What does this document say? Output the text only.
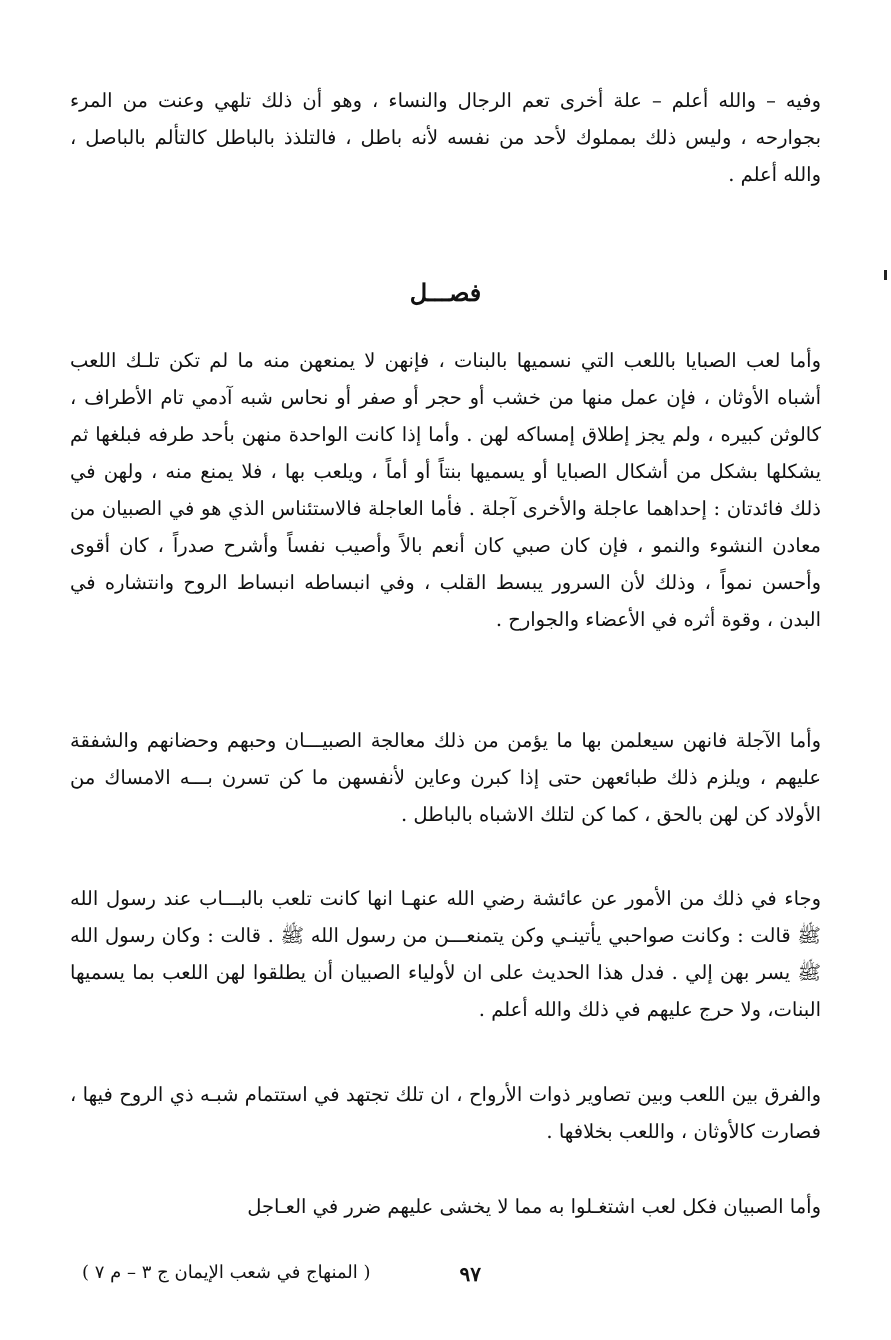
وفيه – والله أعلم – علة أخرى تعم الرجال والنساء ، وهو أن ذلك تلهي وعنت من المرء بجوارحه ، وليس ذلك بمملوك لأحد من نفسه لأنه باطل ، فالتلذذ بالباطل كالتألم بالباصل ، والله أعلم .

فصـــل

وأما لعب الصبايا باللعب التي نسميها بالبنات ، فإنهن لا يمنعهن منه ما لم تكن تلـك اللعب أشباه الأوثان ، فإن عمل منها من خشب أو حجر أو صفر أو نحاس شبه آدمي تام الأطراف ، كالوثن كبيره ، ولم يجز إطلاق إمساكه لهن . وأما إذا كانت الواحدة منهن بأحد طرفه فبلغها ثم يشكلها بشكل من أشكال الصبايا أو يسميها بنتاً أو أماً ، ويلعب بها ، فلا يمنع منه ، ولهن في ذلك فائدتان : إحداهما عاجلة والأخرى آجلة . فأما العاجلة فالاستئناس الذي هو في الصبيان من معادن النشوء والنمو ، فإن كان صبي كان أنعم بالاً وأصيب نفساً وأشرح صدراً ، كان أقوى وأحسن نمواً ، وذلك لأن السرور يبسط القلب ، وفي انبساطه انبساط الروح وانتشاره في البدن ، وقوة أثره في الأعضاء والجوارح .

وأما الآجلة فانهن سيعلمن بها ما يؤمن من ذلك معالجة الصبيـــان وحبهم وحضانهم والشفقة عليهم ، ويلزم ذلك طبائعهن حتى إذا كبرن وعاين لأنفسهن ما كن تسرن بـــه الامساك من الأولاد كن لهن بالحق ، كما كن لتلك الاشباه بالباطل .

وجاء في ذلك من الأمور عن عائشة رضي الله عنهـا انها كانت تلعب بالبـــاب عند رسول الله ﷺ قالت : وكانت صواحبي يأتينـي وكن يتمنعـــن من رسول الله ﷺ . قالت : وكان رسول الله ﷺ يسر بهن إلي . فدل هذا الحديث على ان لأولياء الصبيان أن يطلقوا لهن اللعب بما يسميها البنات، ولا حرج عليهم في ذلك والله أعلم .

والفرق بين اللعب وبين تصاوير ذوات الأرواح ، ان تلك تجتهد في استتمام شبـه ذي الروح فيها ، فصارت كالأوثان ، واللعب بخلافها .

وأما الصبيان فكل لعب اشتغـلوا به مما لا يخشى عليهم ضرر في العـاجل

٩٧
( المنهاج في شعب الإيمان ج ٣ – م ٧ )
